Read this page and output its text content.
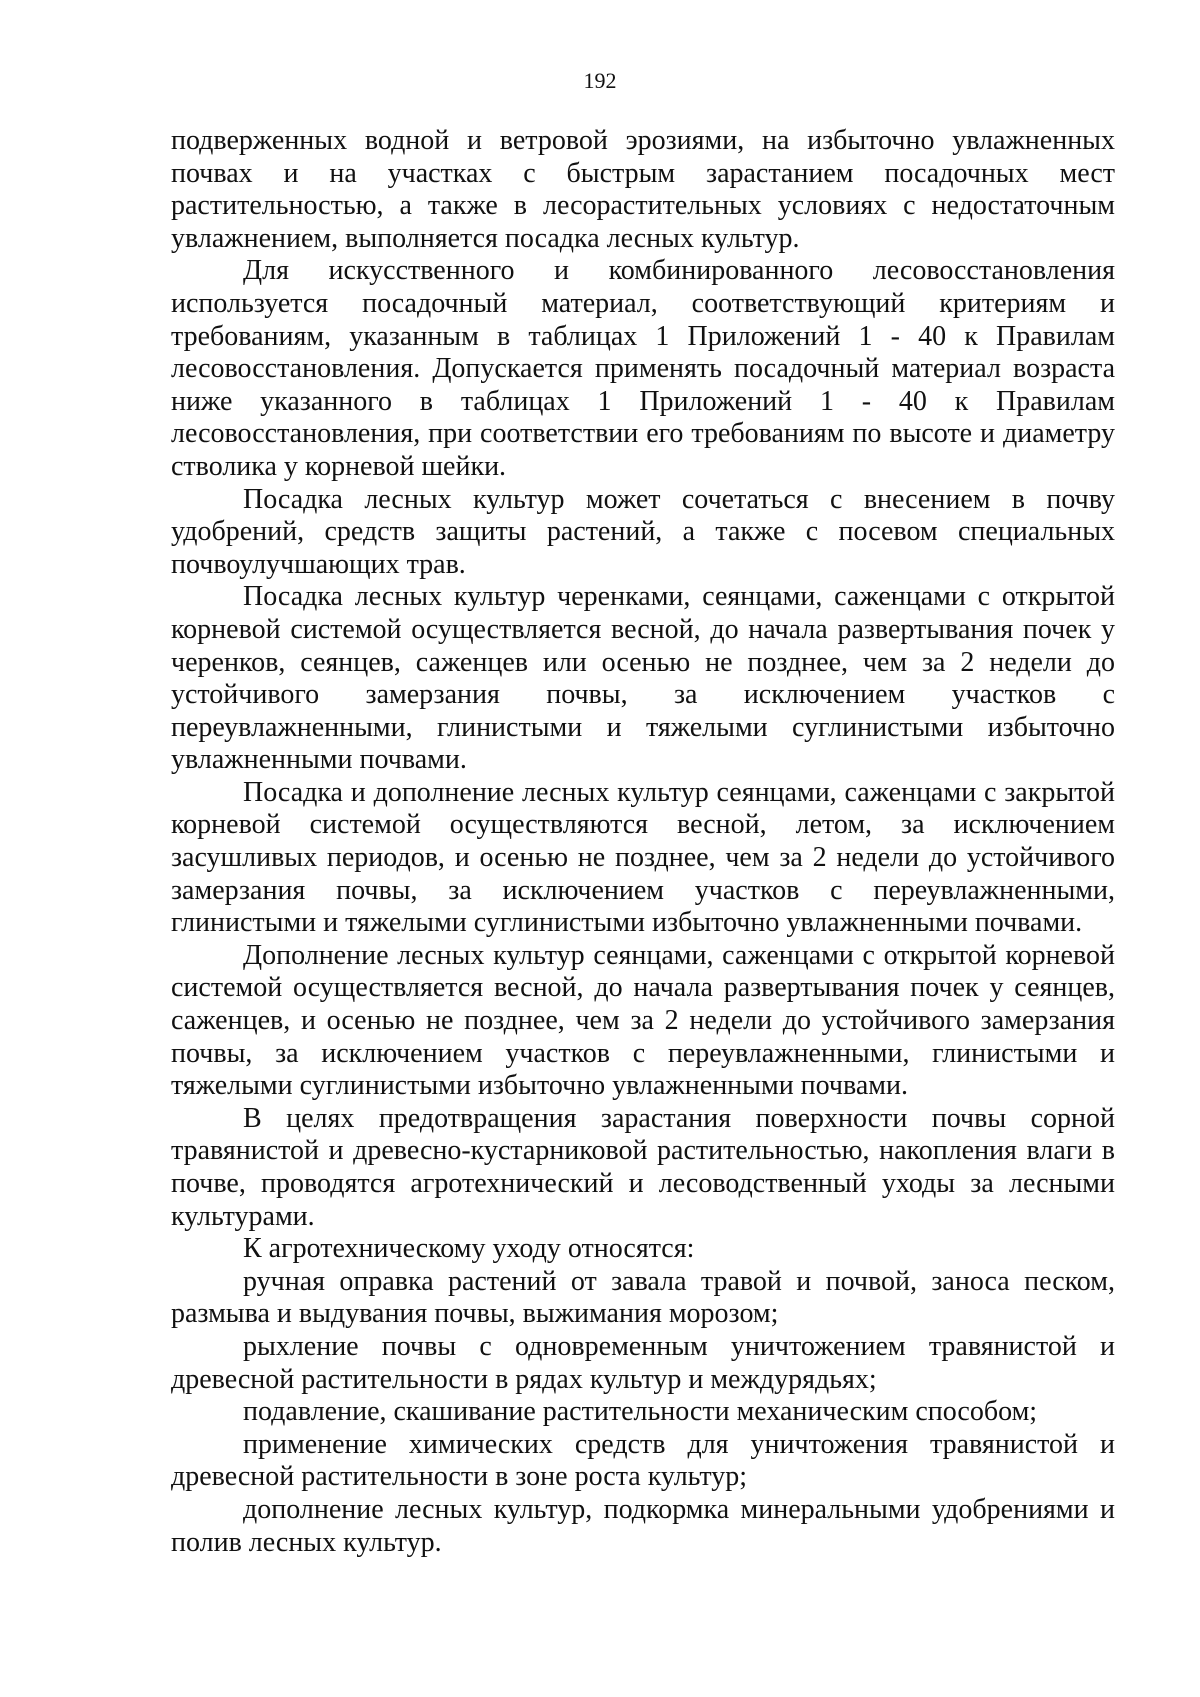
192

подверженных водной и ветровой эрозиями, на избыточно увлажненных почвах и на участках с быстрым зарастанием посадочных мест растительностью, а также в лесорастительных условиях с недостаточным увлажнением, выполняется посадка лесных культур.

Для искусственного и комбинированного лесовосстановления используется посадочный материал, соответствующий критериям и требованиям, указанным в таблицах 1 Приложений 1 - 40 к Правилам лесовосстановления. Допускается применять посадочный материал возраста ниже указанного в таблицах 1 Приложений 1 - 40 к Правилам лесовосстановления, при соответствии его требованиям по высоте и диаметру стволика у корневой шейки.

Посадка лесных культур может сочетаться с внесением в почву удобрений, средств защиты растений, а также с посевом специальных почвоулучшающих трав.

Посадка лесных культур черенками, сеянцами, саженцами с открытой корневой системой осуществляется весной, до начала развертывания почек у черенков, сеянцев, саженцев или осенью не позднее, чем за 2 недели до устойчивого замерзания почвы, за исключением участков с переувлажненными, глинистыми и тяжелыми суглинистыми избыточно увлажненными почвами.

Посадка и дополнение лесных культур сеянцами, саженцами с закрытой корневой системой осуществляются весной, летом, за исключением засушливых периодов, и осенью не позднее, чем за 2 недели до устойчивого замерзания почвы, за исключением участков с переувлажненными, глинистыми и тяжелыми суглинистыми избыточно увлажненными почвами.

Дополнение лесных культур сеянцами, саженцами с открытой корневой системой осуществляется весной, до начала развертывания почек у сеянцев, саженцев, и осенью не позднее, чем за 2 недели до устойчивого замерзания почвы, за исключением участков с переувлажненными, глинистыми и тяжелыми суглинистыми избыточно увлажненными почвами.

В целях предотвращения зарастания поверхности почвы сорной травянистой и древесно-кустарниковой растительностью, накопления влаги в почве, проводятся агротехнический и лесоводственный уходы за лесными культурами.

К агротехническому уходу относятся:

ручная оправка растений от завала травой и почвой, заноса песком, размыва и выдувания почвы, выжимания морозом;

рыхление почвы с одновременным уничтожением травянистой и древесной растительности в рядах культур и междурядьях;

подавление, скашивание растительности механическим способом;

применение химических средств для уничтожения травянистой и древесной растительности в зоне роста культур;

дополнение лесных культур, подкормка минеральными удобрениями и полив лесных культур.
